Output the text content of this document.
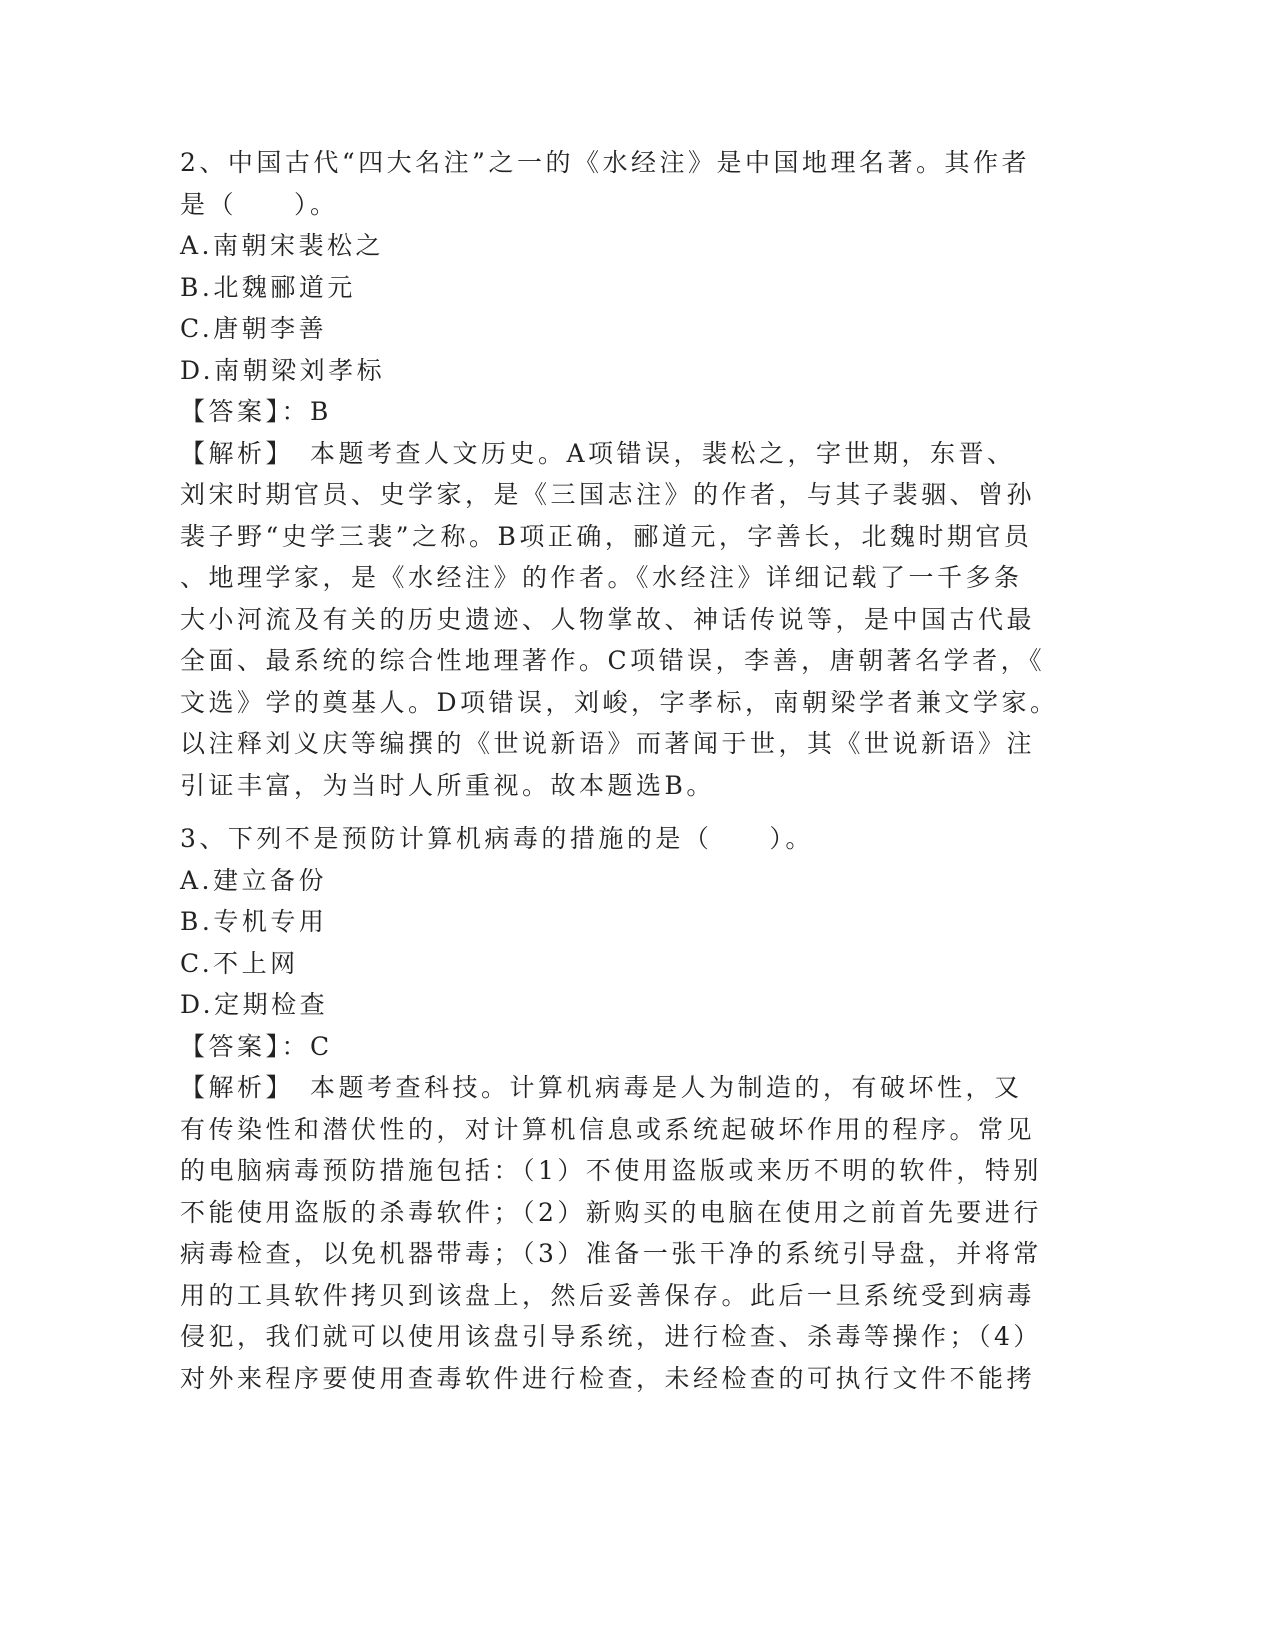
2、中国古代“四大名注”之一的《水经注》是中国地理名著。其作者

是（　　）。

A.南朝宋裴松之

B.北魏郦道元

C.唐朝李善

D.南朝梁刘孝标

【答案】：B

【解析】　本题考查人文历史。A项错误，裴松之，字世期，东晋、

刘宋时期官员、史学家，是《三国志注》的作者，与其子裴骃、曾孙

裴子野“史学三裴”之称。B项正确，郦道元，字善长，北魏时期官员

、地理学家，是《水经注》的作者。《水经注》详细记载了一千多条

大小河流及有关的历史遗迹、人物掌故、神话传说等，是中国古代最

全面、最系统的综合性地理著作。C项错误，李善，唐朝著名学者，《

文选》学的奠基人。D项错误，刘峻，字孝标，南朝梁学者兼文学家。

以注释刘义庆等编撰的《世说新语》而著闻于世，其《世说新语》注

引证丰富，为当时人所重视。故本题选B。

3、下列不是预防计算机病毒的措施的是（　　）。

A.建立备份

B.专机专用

C.不上网

D.定期检查

【答案】：C

【解析】　本题考查科技。计算机病毒是人为制造的，有破坏性，又

有传染性和潜伏性的，对计算机信息或系统起破坏作用的程序。常见

的电脑病毒预防措施包括：（1）不使用盗版或来历不明的软件，特别

不能使用盗版的杀毒软件；（2）新购买的电脑在使用之前首先要进行

病毒检查，以免机器带毒；（3）准备一张干净的系统引导盘，并将常

用的工具软件拷贝到该盘上，然后妥善保存。此后一旦系统受到病毒

侵犯，我们就可以使用该盘引导系统，进行检查、杀毒等操作；（4）

对外来程序要使用查毒软件进行检查，未经检查的可执行文件不能拷
